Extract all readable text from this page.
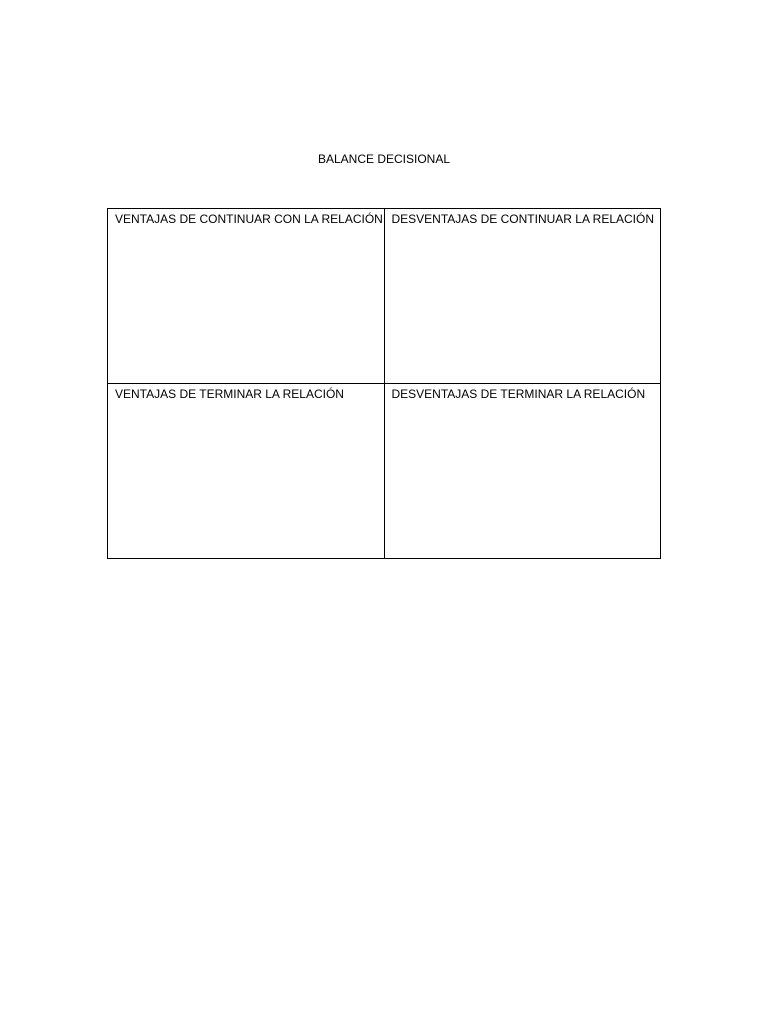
BALANCE DECISIONAL
VENTAJAS DE CONTINUAR CON LA RELACIÓN	DESVENTAJAS DE CONTINUAR LA RELACIÓN
VENTAJAS DE TERMINAR LA RELACIÓN	DESVENTAJAS DE TERMINAR LA RELACIÓN
